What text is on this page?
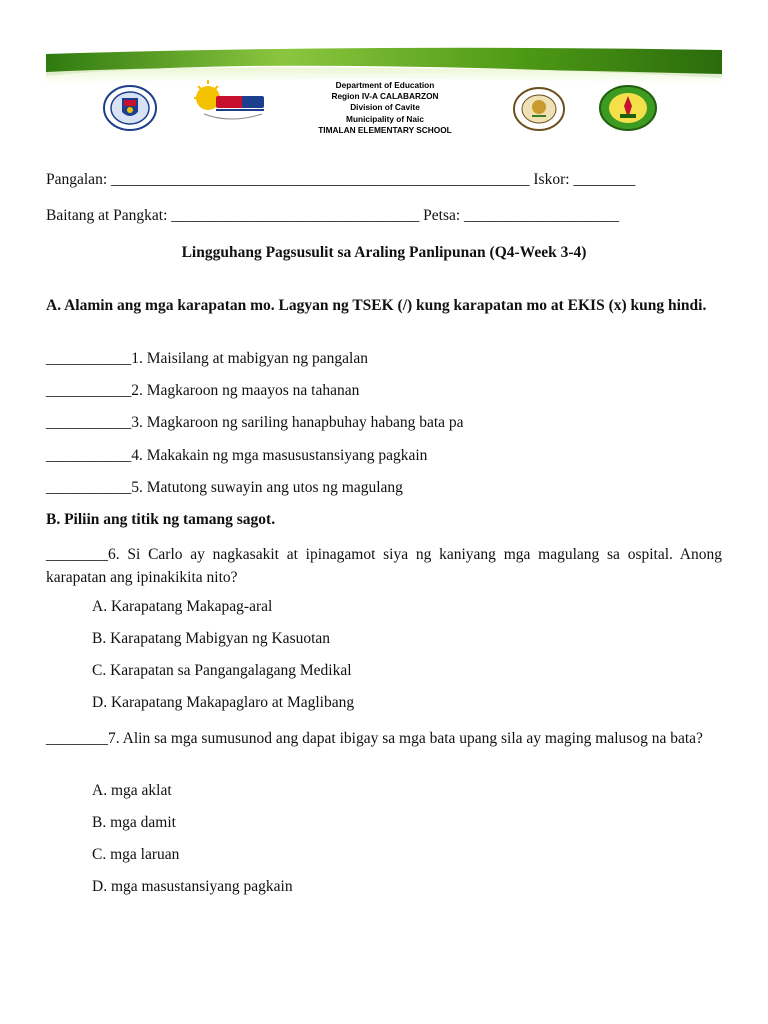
Department of Education
Region IV-A CALABARZON
Division of Cavite
Municipality of Naic
TIMALAN ELEMENTARY SCHOOL
Pangalan: ______________________________________________________ Iskor: ________
Baitang at Pangkat: ________________________________ Petsa: ____________________
Lingguhang Pagsusulit sa Araling Panlipunan (Q4-Week 3-4)
A. Alamin ang mga karapatan mo. Lagyan ng TSEK (/) kung karapatan mo at EKIS (x) kung hindi.
___________1. Maisilang at mabigyan ng pangalan
___________2. Magkaroon ng maayos na tahanan
___________3. Magkaroon ng sariling hanapbuhay habang bata pa
___________4. Makakain ng mga masusustansiyang pagkain
___________5. Matutong suwayin ang utos ng magulang
B. Piliin ang titik ng tamang sagot.
________6. Si Carlo ay nagkasakit at ipinagamot siya ng kaniyang mga magulang sa ospital. Anong karapatan ang ipinakikita nito?
A. Karapatang Makapag-aral
B. Karapatang Mabigyan ng Kasuotan
C. Karapatan sa Pangangalagang Medikal
D. Karapatang Makapaglaro at Maglibang
________7. Alin sa mga sumusunod ang dapat ibigay sa mga bata upang sila ay maging malusog na bata?
A. mga aklat
B. mga damit
C. mga laruan
D. mga masustansiyang pagkain
